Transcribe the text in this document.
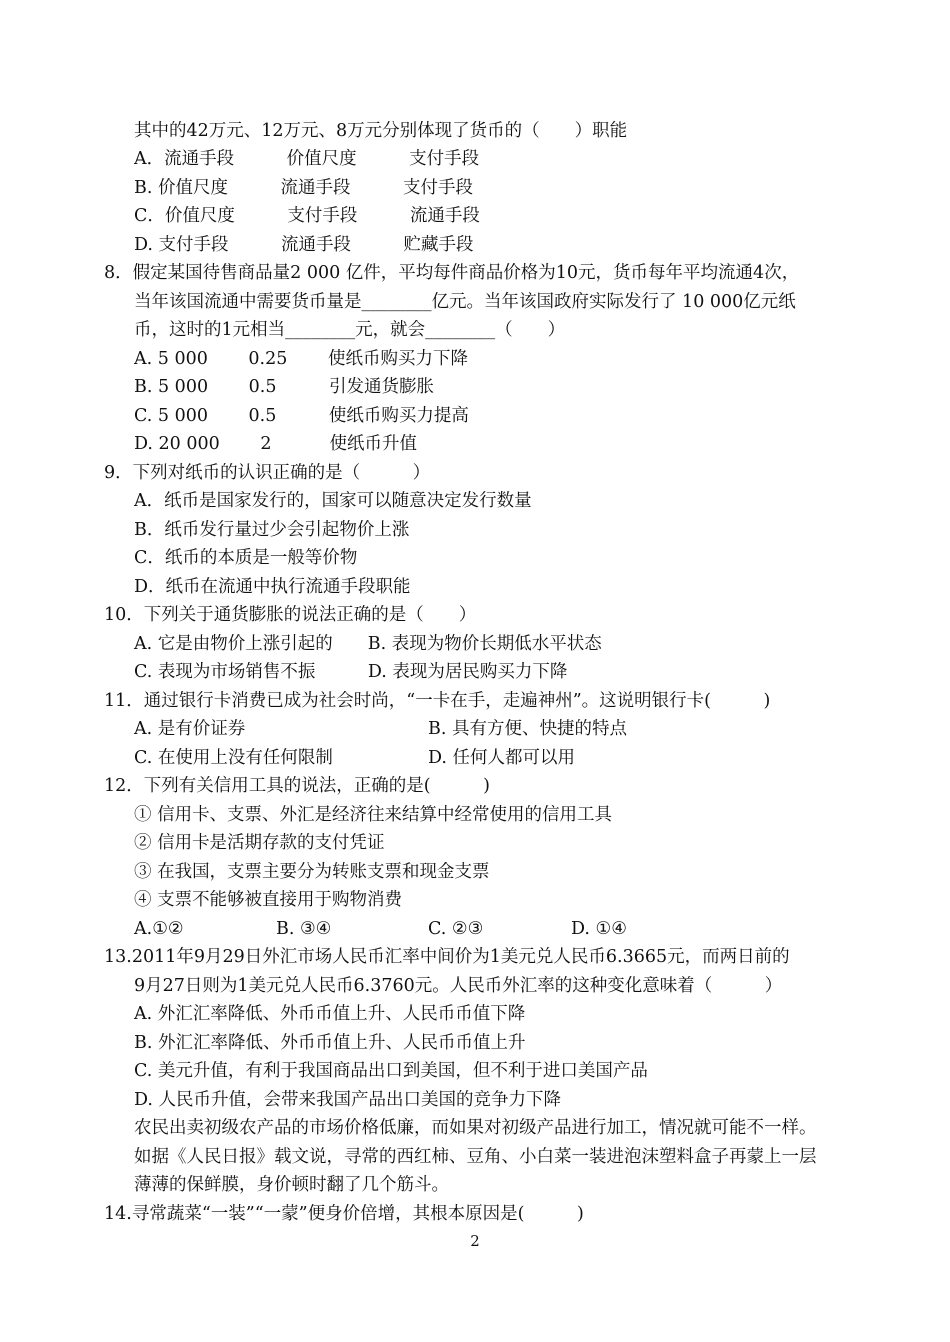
其中的42万元、12万元、8万元分别体现了货币的（　　）职能
A．流通手段　　　价值尺度　　　支付手段
B. 价值尺度　　　流通手段　　　支付手段
C．价值尺度　　　支付手段　　　流通手段
D. 支付手段　　　流通手段　　　贮藏手段
8．假定某国待售商品量2 000 亿件，平均每件商品价格为10元，货币每年平均流通4次，
当年该国流通中需要货币量是________亿元。当年该国政府实际发行了 10 000亿元纸
币，这时的1元相当________元，就会________（　　）
A. 5 000　　 0.25　　 使纸币购买力下降
B. 5 000　　 0.5　　　引发通货膨胀
C. 5 000　　 0.5　　　使纸币购买力提高
D. 20 000　　 2　　　 使纸币升值
9．下列对纸币的认识正确的是（　　　）
A．纸币是国家发行的，国家可以随意决定发行数量
B．纸币发行量过少会引起物价上涨
C．纸币的本质是一般等价物
D．纸币在流通中执行流通手段职能
10．下列关于通货膨胀的说法正确的是（　　）
A. 它是由物价上涨引起的　　B. 表现为物价长期低水平状态
C. 表现为市场销售不振　　　D. 表现为居民购买力下降
11．通过银行卡消费已成为社会时尚，“一卡在手，走遍神州”。这说明银行卡(　　　)
A. 是有价证券	B. 具有方便、快捷的特点
C. 在使用上没有任何限制	D. 任何人都可以用
12．下列有关信用工具的说法，正确的是(　　　)
① 信用卡、支票、外汇是经济往来结算中经常使用的信用工具
② 信用卡是活期存款的支付凭证
③ 在我国，支票主要分为转账支票和现金支票
④ 支票不能够被直接用于购物消费
A.①②	B. ③④	C. ②③	D. ①④
13.2011年9月29日外汇市场人民币汇率中间价为1美元兑人民币6.3665元，而两日前的
9月27日则为1美元兑人民币6.3760元。人民币外汇率的这种变化意味着（　　　）
A. 外汇汇率降低、外币币值上升、人民币币值下降
B. 外汇汇率降低、外币币值上升、人民币币值上升
C. 美元升值，有利于我国商品出口到美国，但不利于进口美国产品
D. 人民币升值，会带来我国产品出口美国的竞争力下降
农民出卖初级农产品的市场价格低廉，而如果对初级产品进行加工，情况就可能不一样。
如据《人民日报》载文说，寻常的西红柿、豆角、小白菜一装进泡沫塑料盒子再蒙上一层
薄薄的保鲜膜，身价顿时翻了几个筋斗。
14.寻常蔬菜“一装”“一蒙”便身价倍增，其根本原因是(　　　)
2
